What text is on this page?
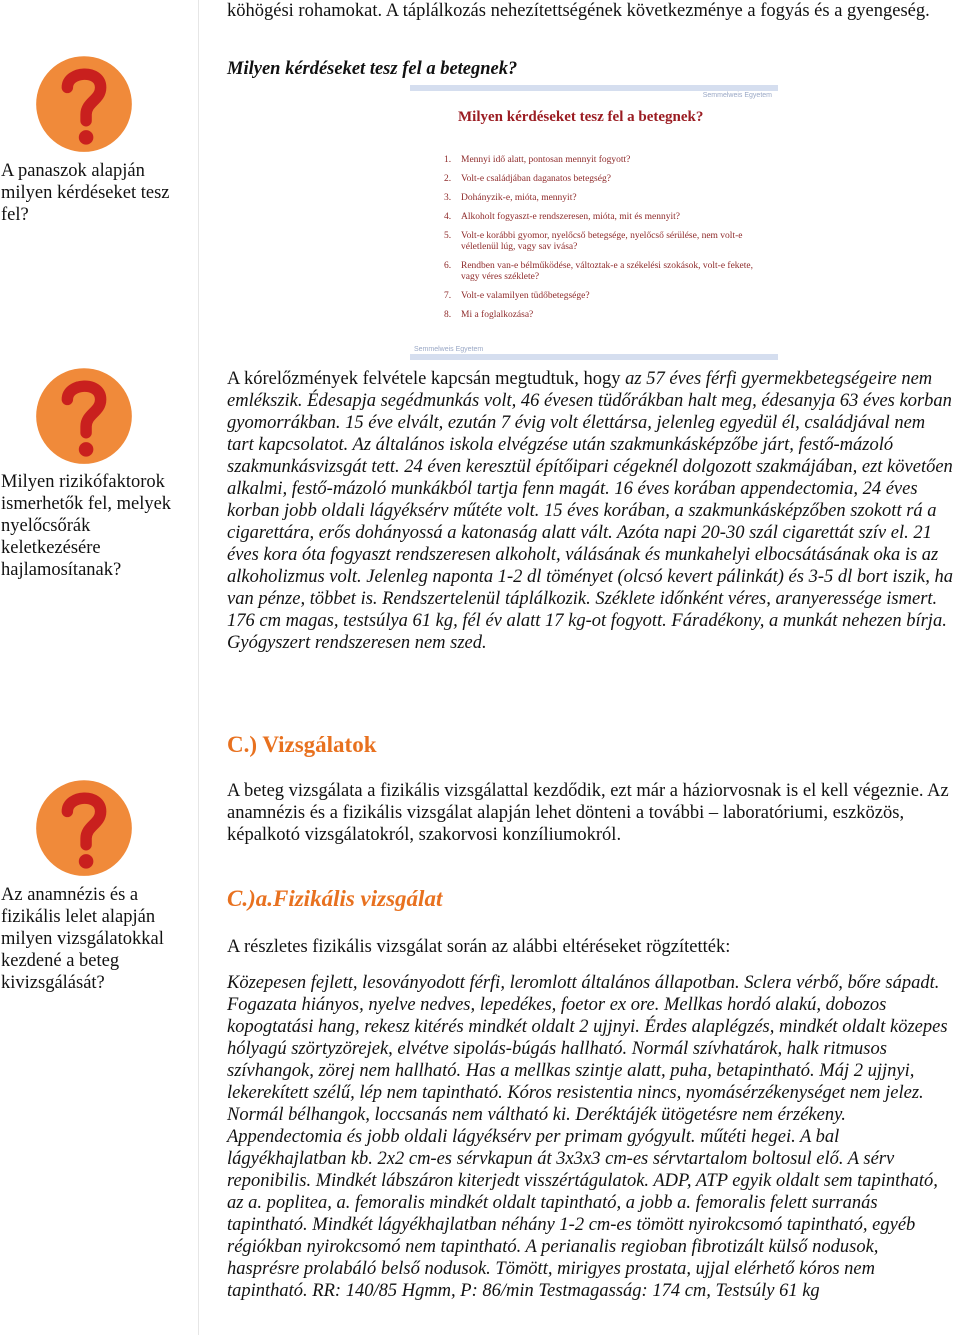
A panaszok alapján milyen kérdéseket tesz fel?
Milyen rizikófaktorok ismerhetők fel, melyek nyelőcsőrák keletkezésére hajlamosítanak?
Az anamnézis és a fizikális lelet alapján milyen vizsgálatokkal kezdené a beteg kivizsgálását?

köhögési rohamokat. A táplálkozás nehezítettségének következménye a fogyás és a gyengeség.

Milyen kérdéseket tesz fel a betegnek?

Semmelweis Egyetem
Milyen kérdéseket tesz fel a betegnek?
1.	Mennyi idő alatt, pontosan mennyit fogyott?
2.	Volt-e családjában daganatos betegség?
3.	Dohányzik-e, mióta, mennyit?
4.	Alkoholt fogyaszt-e rendszeresen, mióta, mit és mennyit?
5.	Volt-e korábbi gyomor, nyelőcső betegsége, nyelőcső sérülése, nem volt-e véletlenül lúg, vagy sav ivása?
6.	Rendben van-e bélműködése, változtak-e a székelési szokások, volt-e fekete, vagy véres széklete?
7.	Volt-e valamilyen tüdőbetegsége?
8.	Mi a foglalkozása?
Semmelweis Egyetem

A kórelőzmények felvétele kapcsán megtudtuk, hogy az 57 éves férfi gyermekbetegségeire nem emlékszik. Édesapja segédmunkás volt, 46 évesen tüdőrákban halt meg, édesanyja 63 éves korban gyomorrákban. 15 éve elvált, ezután 7 évig volt élettársa, jelenleg egyedül él, családjával nem tart kapcsolatot. Az általános iskola elvégzése után szakmunkásképzőbe járt, festő-mázoló szakmunkásvizsgát tett. 24 éven keresztül építőipari cégeknél dolgozott szakmájában, ezt követően alkalmi, festő-mázoló munkákból tartja fenn magát. 16 éves korában appendectomia, 24 éves korban jobb oldali lágyéksérv műtéte volt. 15 éves korában, a szakmunkásképzőben szokott rá a cigarettára, erős dohányossá a katonaság alatt vált. Azóta napi 20-30 szál cigarettát szív el. 21 éves kora óta fogyaszt rendszeresen alkoholt, válásának és munkahelyi elbocsátásának oka is az alkoholizmus volt. Jelenleg naponta 1-2 dl töményet (olcsó kevert pálinkát) és 3-5 dl bort iszik, ha van pénze, többet is. Rendszertelenül táplálkozik. Széklete időnként véres, aranyeressége ismert. 176 cm magas, testsúlya 61 kg, fél év alatt 17 kg-ot fogyott. Fáradékony, a munkát nehezen bírja. Gyógyszert rendszeresen nem szed.

C.) Vizsgálatok

A beteg vizsgálata a fizikális vizsgálattal kezdődik, ezt már a háziorvosnak is el kell végeznie. Az anamnézis és a fizikális vizsgálat alapján lehet dönteni a további – laboratóriumi, eszközös, képalkotó vizsgálatokról, szakorvosi konzíliumokról.

C.)a.Fizikális vizsgálat

A részletes fizikális vizsgálat során az alábbi eltéréseket rögzítették:

Közepesen fejlett, lesoványodott férfi, leromlott általános állapotban. Sclera vérbő, bőre sápadt. Fogazata hiányos, nyelve nedves, lepedékes, foetor ex ore. Mellkas hordó alakú, dobozos kopogtatási hang, rekesz kitérés mindkét oldalt 2 ujjnyi. Érdes alaplégzés, mindkét oldalt közepes hólyagú szörtyzörejek, elvétve sipolás-búgás hallható. Normál szívhatárok, halk ritmusos szívhangok, zörej nem hallható. Has a mellkas szintje alatt, puha, betapintható. Máj 2 ujjnyi, lekerekített szélű, lép nem tapintható. Kóros resistentia nincs, nyomásérzékenységet nem jelez. Normál bélhangok, loccsanás nem váltható ki. Deréktájék ütögetésre nem érzékeny. Appendectomia és jobb oldali lágyéksérv per primam gyógyult. műtéti hegei. A bal lágyékhajlatban kb. 2x2 cm-es sérvkapun át 3x3x3 cm-es sérvtartalom boltosul elő. A sérv reponibilis. Mindkét lábszáron kiterjedt visszértágulatok. ADP, ATP egyik oldalt sem tapintható, az a. poplitea, a. femoralis mindkét oldalt tapintható, a jobb a. femoralis felett surranás tapintható. Mindkét lágyékhajlatban néhány 1-2 cm-es tömött nyirokcsomó tapintható, egyéb régiókban nyirokcsomó nem tapintható. A perianalis regioban fibrotizált külső nodusok, hasprésre prolabáló belső nodusok. Tömött, mirigyes prostata, ujjal elérhető kóros nem tapintható. RR: 140/85 Hgmm, P: 86/min Testmagasság: 174 cm, Testsúly 61 kg
